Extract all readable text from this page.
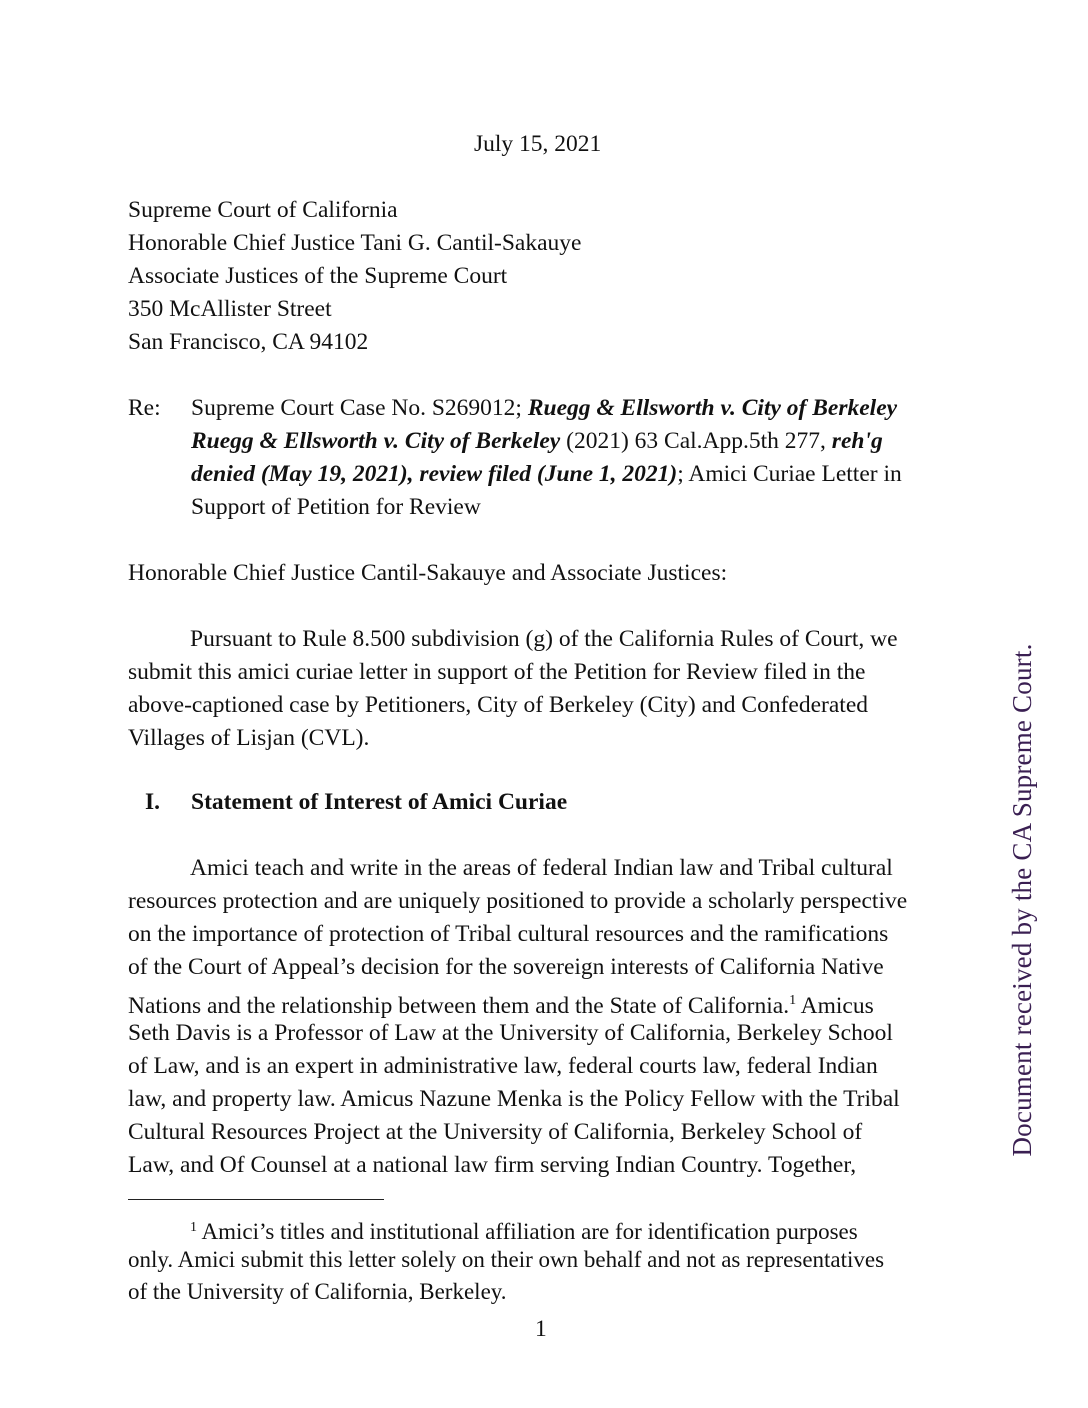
July 15, 2021
Supreme Court of California
Honorable Chief Justice Tani G. Cantil-Sakauye
Associate Justices of the Supreme Court
350 McAllister Street
San Francisco, CA 94102
Re: Supreme Court Case No. S269012; Ruegg & Ellsworth v. City of Berkeley
Ruegg & Ellsworth v. City of Berkeley (2021) 63 Cal.App.5th 277, reh'g
denied (May 19, 2021), review filed (June 1, 2021); Amici Curiae Letter in
Support of Petition for Review
Honorable Chief Justice Cantil-Sakauye and Associate Justices:
Pursuant to Rule 8.500 subdivision (g) of the California Rules of Court, we
submit this amici curiae letter in support of the Petition for Review filed in the
above-captioned case by Petitioners, City of Berkeley (City) and Confederated
Villages of Lisjan (CVL).
I. Statement of Interest of Amici Curiae
Amici teach and write in the areas of federal Indian law and Tribal cultural
resources protection and are uniquely positioned to provide a scholarly perspective
on the importance of protection of Tribal cultural resources and the ramifications
of the Court of Appeal’s decision for the sovereign interests of California Native
Nations and the relationship between them and the State of California.$^1$ Amicus
Seth Davis is a Professor of Law at the University of California, Berkeley School
of Law, and is an expert in administrative law, federal courts law, federal Indian
law, and property law. Amicus Nazune Menka is the Policy Fellow with the Tribal
Cultural Resources Project at the University of California, Berkeley School of
Law, and Of Counsel at a national law firm serving Indian Country. Together,
$^1$ Amici’s titles and institutional affiliation are for identification purposes
only. Amici submit this letter solely on their own behalf and not as representatives
of the University of California, Berkeley.
1
Document received by the CA Supreme Court.
